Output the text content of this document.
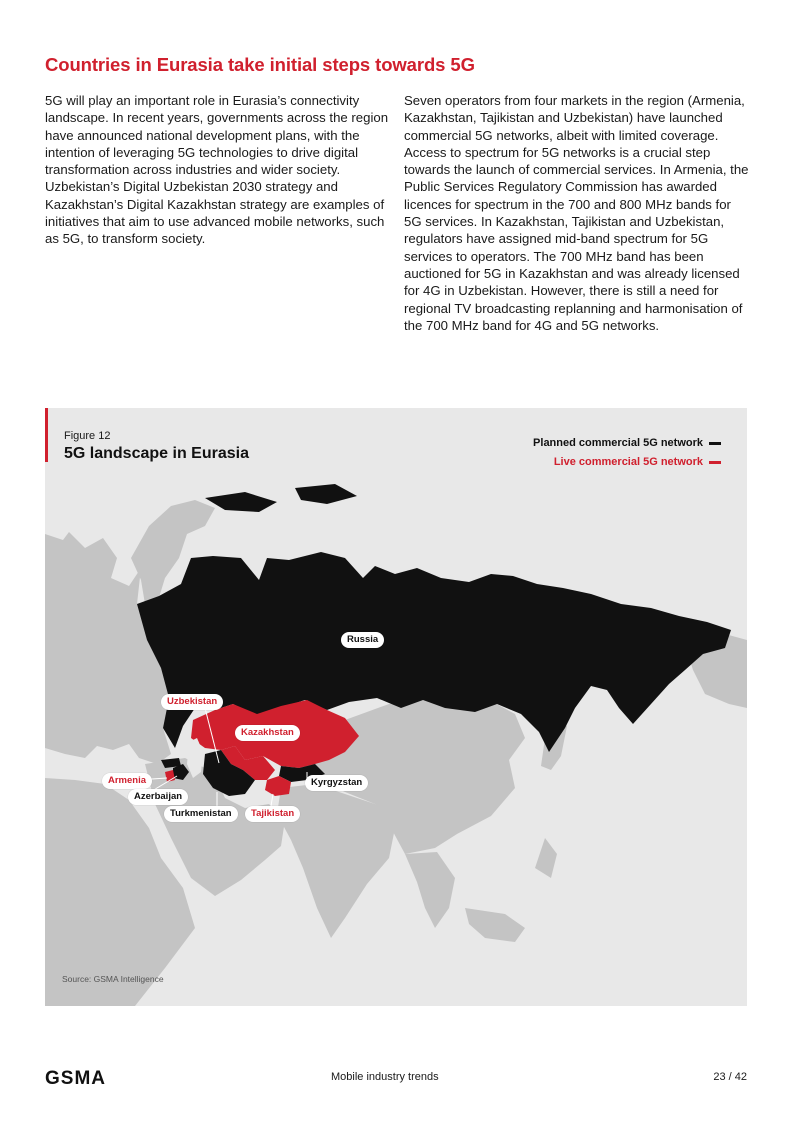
Countries in Eurasia take initial steps towards 5G

5G will play an important role in Eurasia’s connectivity landscape. In recent years, governments across the region have announced national development plans, with the intention of leveraging 5G technologies to drive digital transformation across industries and wider society. Uzbekistan’s Digital Uzbekistan 2030 strategy and Kazakhstan’s Digital Kazakhstan strategy are examples of initiatives that aim to use advanced mobile networks, such as 5G, to transform society.

Seven operators from four markets in the region (Armenia, Kazakhstan, Tajikistan and Uzbekistan) have launched commercial 5G networks, albeit with limited coverage. Access to spectrum for 5G networks is a crucial step towards the launch of commercial services. In Armenia, the Public Services Regulatory Commission has awarded licences for spectrum in the 700 and 800 MHz bands for 5G services. In Kazakhstan, Tajikistan and Uzbekistan, regulators have assigned mid-band spectrum for 5G services to operators. The 700 MHz band has been auctioned for 5G in Kazakhstan and was already licensed for 4G in Uzbekistan. However, there is still a need for regional TV broadcasting replanning and harmonisation of the 700 MHz band for 4G and 5G networks.

Figure 12
5G landscape in Eurasia
Planned commercial 5G network
Live commercial 5G network
Russia
Uzbekistan
Kazakhstan
Armenia
Azerbaijan
Turkmenistan	Tajikistan
Kyrgyzstan
Source: GSMA Intelligence
GSMA	Mobile industry trends	23 / 42
